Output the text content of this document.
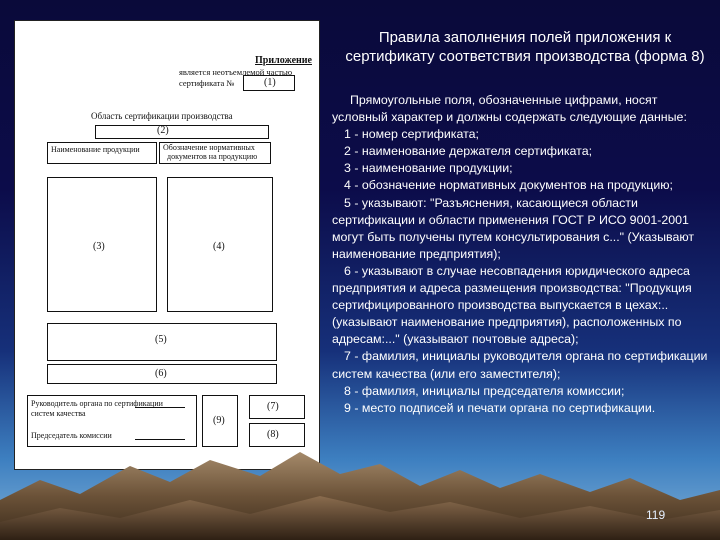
Приложение
является неотъемлемой частью
сертификата №	(1)
Область сертификации производства
(2)
Наименование продукции	Обозначение нормативных
документов на продукцию
(3)	(4)
(5)
(6)
Руководитель органа по сертификации
систем качества
Председатель комиссии
(9)
(7)
(8)
Правила заполнения полей приложения к сертификату соответствия производства (форма 8)

Прямоугольные поля, обозначенные цифрами, носят условный характер и должны содержать следующие данные:

1 - номер сертификата;

2 - наименование держателя сертификата;

3 - наименование продукции;

4 - обозначение нормативных документов на продукцию;

5 - указывают: "Разъяснения, касающиеся области сертификации и области применения ГОСТ Р ИСО 9001-2001 могут быть получены путем консультирования с..." (Указывают наименование предприятия);

6 - указывают в случае несовпадения юридического адреса предприятия и адреса размещения производства: "Продукция сертифицированного производства выпускается в цехах:.. (указывают наименование предприятия), расположенных по адресам:..." (указывают почтовые адреса);

7 - фамилия, инициалы руководителя органа по сертификации систем качества (или его заместителя);

8 - фамилия, инициалы председателя комиссии;

9 - место подписей и печати органа по сертификации.

119
